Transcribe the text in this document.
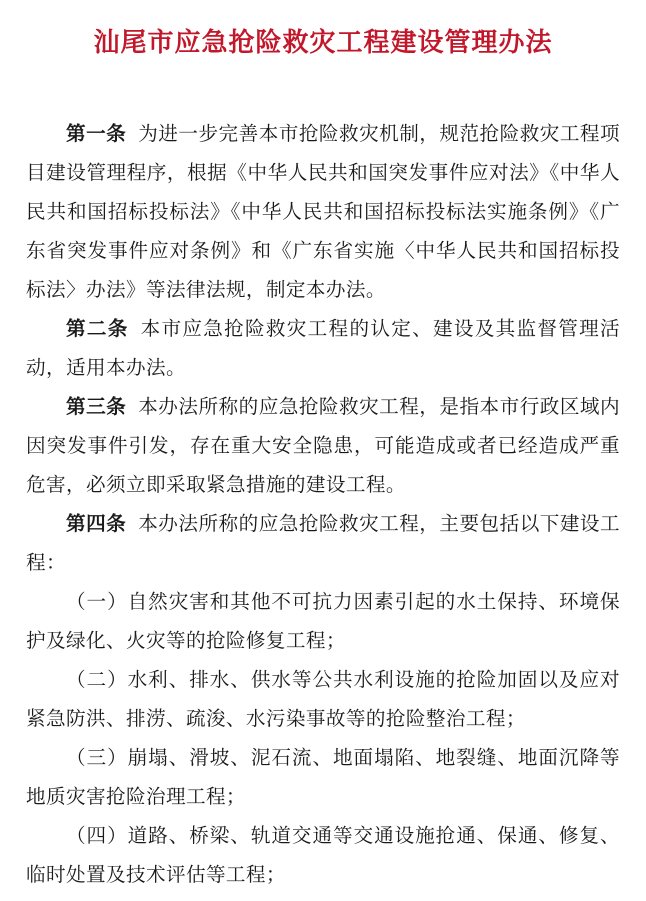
汕尾市应急抢险救灾工程建设管理办法

第一条 为进一步完善本市抢险救灾机制，规范抢险救灾工程项目建设管理程序，根据《中华人民共和国突发事件应对法》《中华人民共和国招标投标法》《中华人民共和国招标投标法实施条例》《广东省突发事件应对条例》和《广东省实施〈中华人民共和国招标投标法〉办法》等法律法规，制定本办法。

第二条 本市应急抢险救灾工程的认定、建设及其监督管理活动，适用本办法。

第三条 本办法所称的应急抢险救灾工程，是指本市行政区域内因突发事件引发，存在重大安全隐患，可能造成或者已经造成严重危害，必须立即采取紧急措施的建设工程。

第四条 本办法所称的应急抢险救灾工程，主要包括以下建设工程：

（一）自然灾害和其他不可抗力因素引起的水土保持、环境保护及绿化、火灾等的抢险修复工程；

（二）水利、排水、供水等公共水利设施的抢险加固以及应对紧急防洪、排涝、疏浚、水污染事故等的抢险整治工程；

（三）崩塌、滑坡、泥石流、地面塌陷、地裂缝、地面沉降等地质灾害抢险治理工程；

（四）道路、桥梁、轨道交通等交通设施抢通、保通、修复、临时处置及技术评估等工程；
